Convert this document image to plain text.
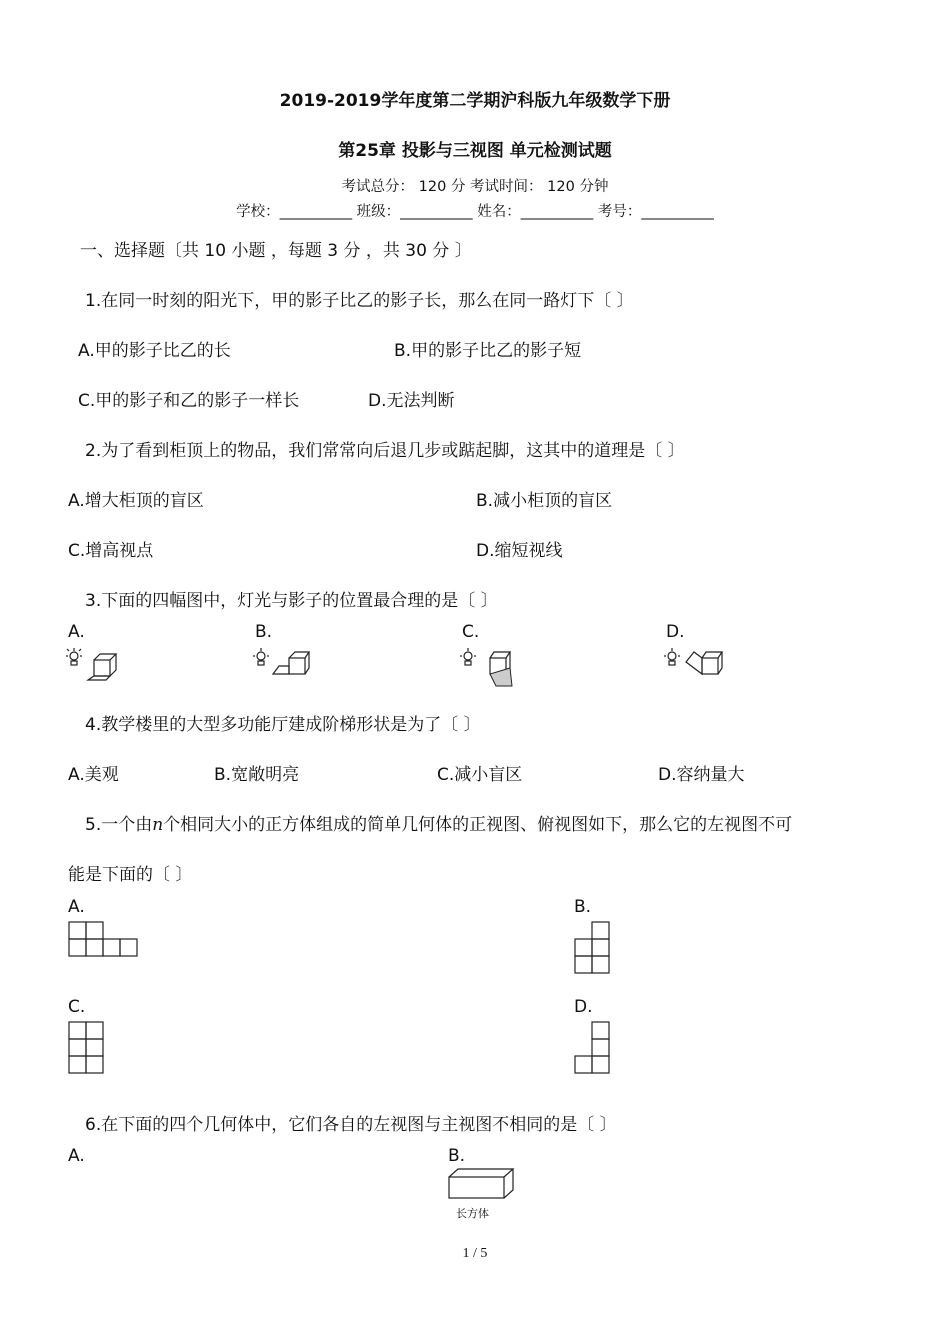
2019-2019学年度第二学期沪科版九年级数学下册
第25章 投影与三视图 单元检测试题
考试总分： 120 分 考试时间： 120 分钟
学校：__________ 班级：__________ 姓名：__________ 考号：__________
一、选择题〔共 10 小题 ，每题 3 分 ，共 30 分 〕
1.在同一时刻的阳光下，甲的影子比乙的影子长，那么在同一路灯下〔 〕
A.甲的影子比乙的长	B.甲的影子比乙的影子短
C.甲的影子和乙的影子一样长	D.无法判断
2.为了看到柜顶上的物品，我们常常向后退几步或踮起脚，这其中的道理是〔 〕
A.增大柜顶的盲区	B.减小柜顶的盲区
C.增高视点	D.缩短视线
3.下面的四幅图中，灯光与影子的位置最合理的是〔 〕
A.	B.	C.	D.
4.教学楼里的大型多功能厅建成阶梯形状是为了〔 〕
A.美观	B.宽敞明亮	C.减小盲区	D.容纳量大
5.一个由n个相同大小的正方体组成的简单几何体的正视图、俯视图如下，那么它的左视图不可
能是下面的〔 〕
A.	B.
C.	D.
6.在下面的四个几何体中，它们各自的左视图与主视图不相同的是〔 〕
A.	B.
长方体
1 / 5
